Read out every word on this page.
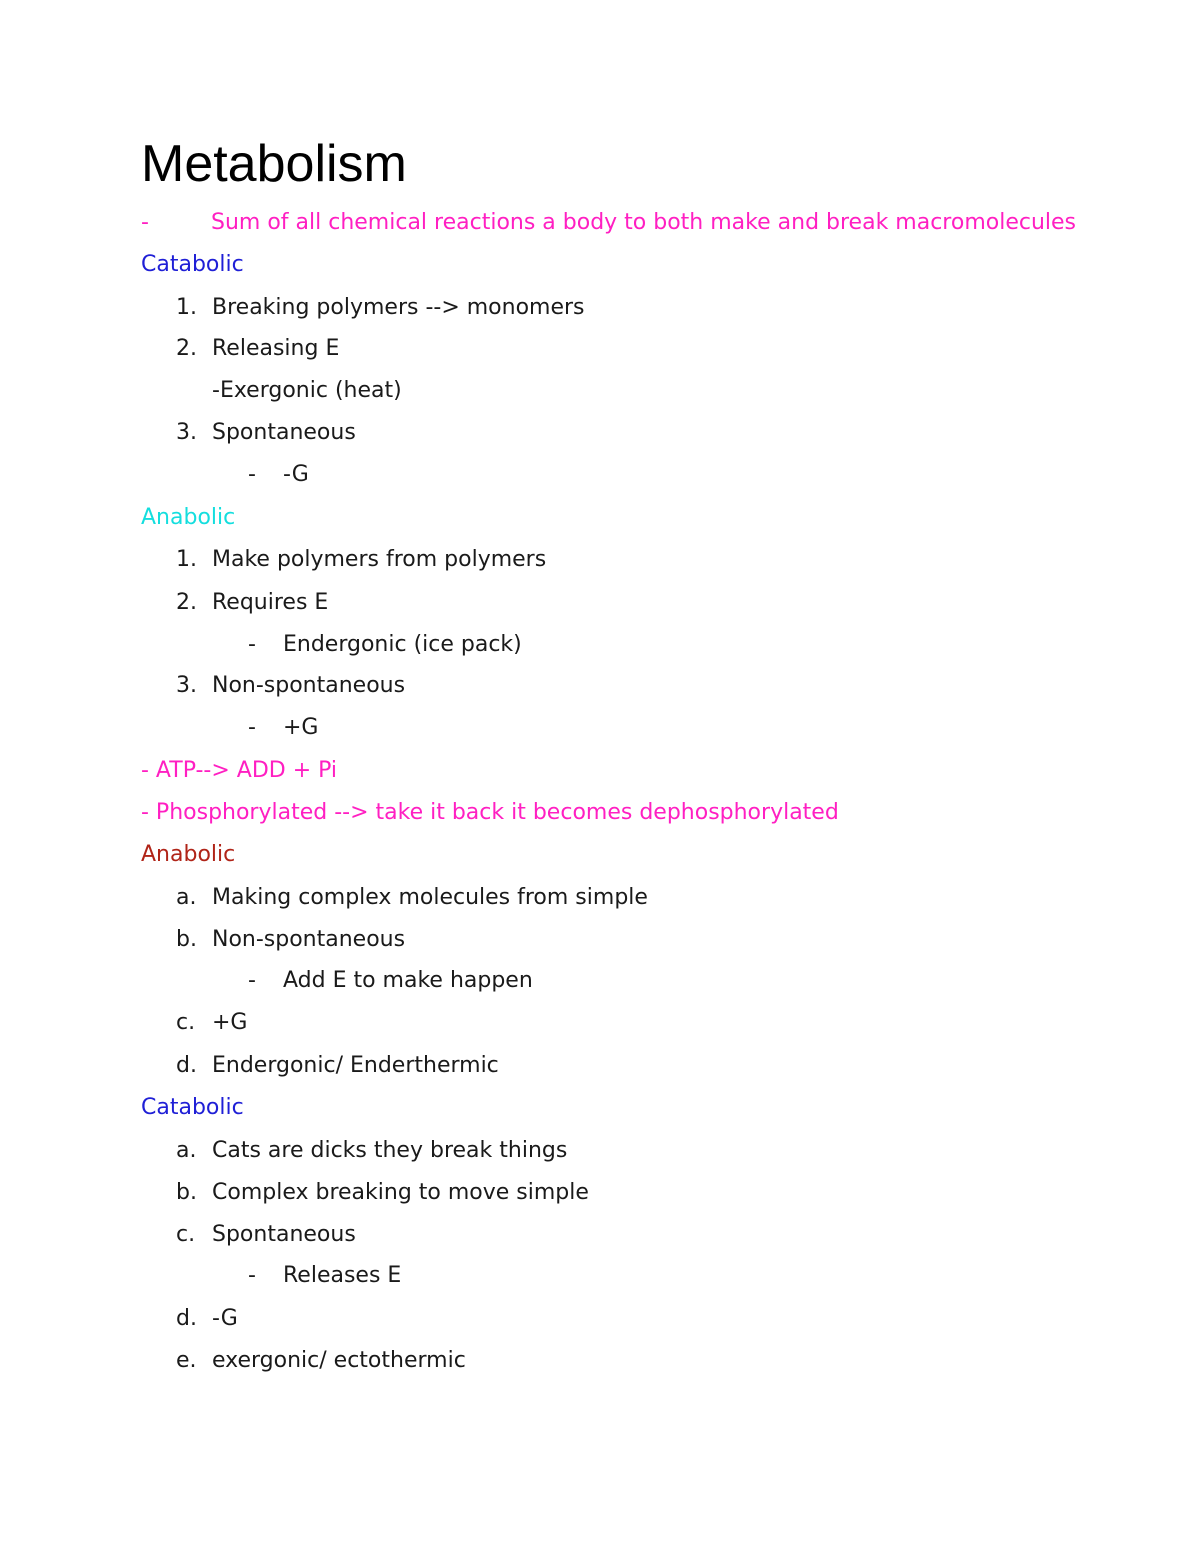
Metabolism
-	Sum of all chemical reactions a body to both make and break macromolecules
Catabolic
1. Breaking polymers --> monomers
2. Releasing E
-Exergonic (heat)
3. Spontaneous
- -G
Anabolic
1. Make polymers from polymers
2. Requires E
- Endergonic (ice pack)
3. Non-spontaneous
- +G
- ATP--> ADD + Pi
- Phosphorylated --> take it back it becomes dephosphorylated
Anabolic
a. Making complex molecules from simple
b. Non-spontaneous
- Add E to make happen
c. +G
d. Endergonic/ Enderthermic
Catabolic
a. Cats are dicks they break things
b. Complex breaking to move simple
c. Spontaneous
- Releases E
d. -G
e. exergonic/ ectothermic
